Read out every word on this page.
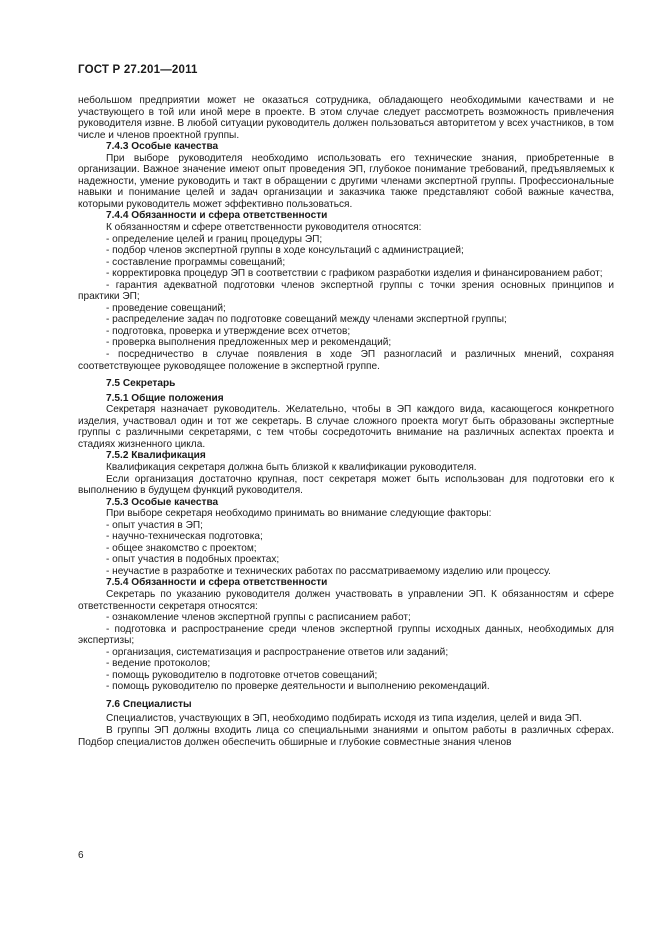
ГОСТ Р 27.201—2011

небольшом предприятии может не оказаться сотрудника, обладающего необходимыми качествами и не участвующего в той или иной мере в проекте. В этом случае следует рассмотреть возможность привлечения руководителя извне. В любой ситуации руководитель должен пользоваться авторитетом у всех участников, в том числе и членов проектной группы.

7.4.3 Особые качества

При выборе руководителя необходимо использовать его технические знания, приобретенные в организации. Важное значение имеют опыт проведения ЭП, глубокое понимание требований, предъявляемых к надежности, умение руководить и такт в обращении с другими членами экспертной группы. Профессиональные навыки и понимание целей и задач организации и заказчика также представляют собой важные качества, которыми руководитель может эффективно пользоваться.

7.4.4 Обязанности и сфера ответственности

К обязанностям и сфере ответственности руководителя относятся:

- определение целей и границ процедуры ЭП;

- подбор членов экспертной группы в ходе консультаций с администрацией;

- составление программы совещаний;

- корректировка процедур ЭП в соответствии с графиком разработки изделия и финансированием работ;

- гарантия адекватной подготовки членов экспертной группы с точки зрения основных принципов и практики ЭП;

- проведение совещаний;

- распределение задач по подготовке совещаний между членами экспертной группы;

- подготовка, проверка и утверждение всех отчетов;

- проверка выполнения предложенных мер и рекомендаций;

- посредничество в случае появления в ходе ЭП разногласий и различных мнений, сохраняя соответствующее руководящее положение в экспертной группе.

7.5 Секретарь

7.5.1 Общие положения

Секретаря назначает руководитель. Желательно, чтобы в ЭП каждого вида, касающегося конкретного изделия, участвовал один и тот же секретарь. В случае сложного проекта могут быть образованы экспертные группы с различными секретарями, с тем чтобы сосредоточить внимание на различных аспектах проекта и стадиях жизненного цикла.

7.5.2 Квалификация

Квалификация секретаря должна быть близкой к квалификации руководителя.

Если организация достаточно крупная, пост секретаря может быть использован для подготовки его к выполнению в будущем функций руководителя.

7.5.3 Особые качества

При выборе секретаря необходимо принимать во внимание следующие факторы:

- опыт участия в ЭП;

- научно-техническая подготовка;

- общее знакомство с проектом;

- опыт участия в подобных проектах;

- неучастие в разработке и технических работах по рассматриваемому изделию или процессу.

7.5.4 Обязанности и сфера ответственности

Секретарь по указанию руководителя должен участвовать в управлении ЭП. К обязанностям и сфере ответственности секретаря относятся:

- ознакомление членов экспертной группы с расписанием работ;

- подготовка и распространение среди членов экспертной группы исходных данных, необходимых для экспертизы;

- организация, систематизация и распространение ответов или заданий;

- ведение протоколов;

- помощь руководителю в подготовке отчетов совещаний;

- помощь руководителю по проверке деятельности и выполнению рекомендаций.

7.6 Специалисты

Специалистов, участвующих в ЭП, необходимо подбирать исходя из типа изделия, целей и вида ЭП.

В группы ЭП должны входить лица со специальными знаниями и опытом работы в различных сферах. Подбор специалистов должен обеспечить обширные и глубокие совместные знания членов

6
